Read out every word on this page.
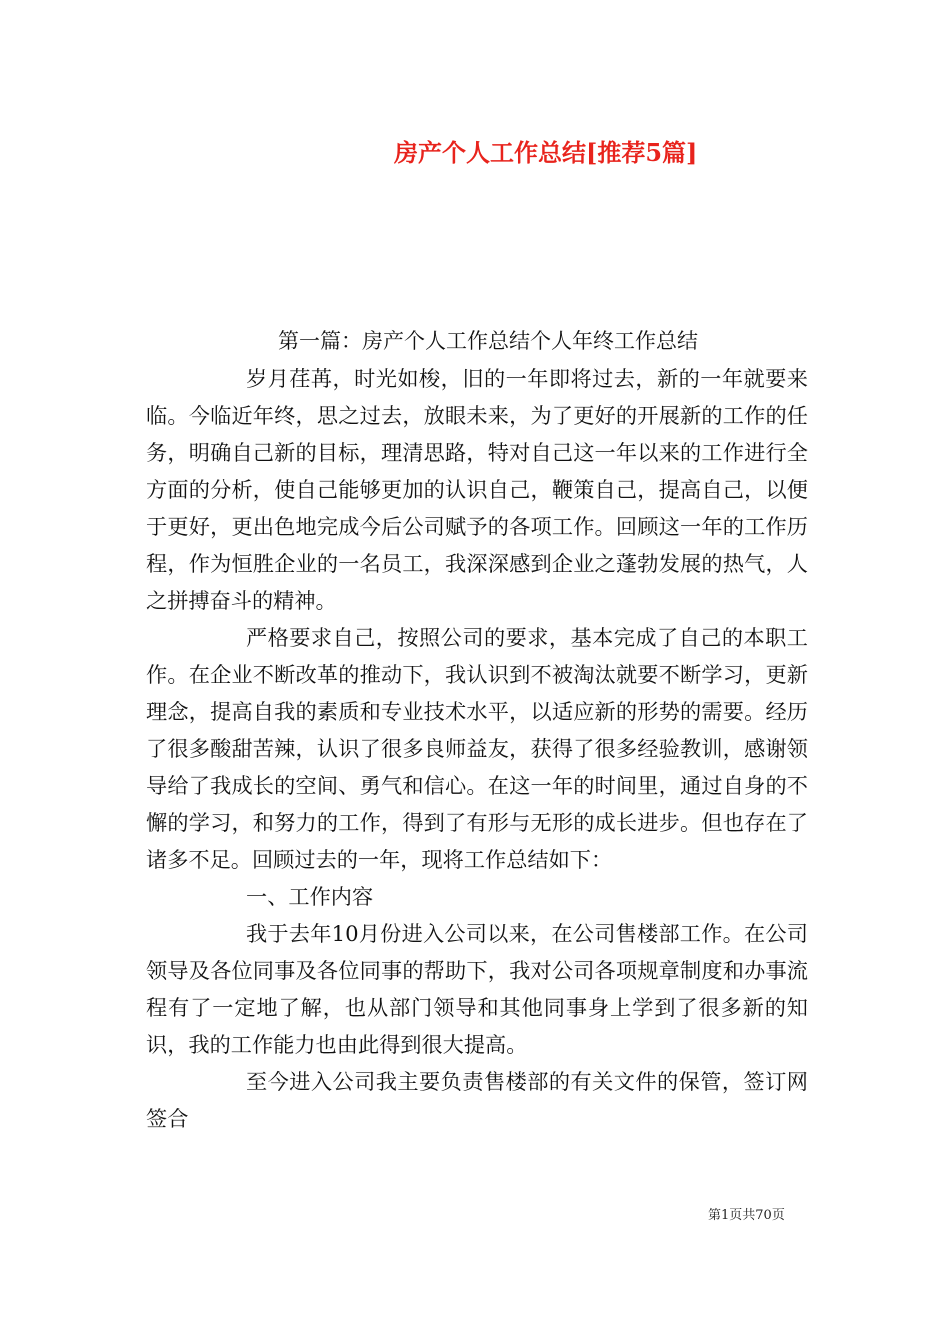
房产个人工作总结[推荐5篇]
第一篇：房产个人工作总结个人年终工作总结

岁月荏苒，时光如梭，旧的一年即将过去，新的一年就要来临。今临近年终，思之过去，放眼未来，为了更好的开展新的工作的任务，明确自己新的目标，理清思路，特对自己这一年以来的工作进行全方面的分析，使自己能够更加的认识自己，鞭策自己，提高自己，以便于更好，更出色地完成今后公司赋予的各项工作。回顾这一年的工作历程，作为恒胜企业的一名员工，我深深感到企业之蓬勃发展的热气，人之拼搏奋斗的精神。

严格要求自己，按照公司的要求，基本完成了自己的本职工作。在企业不断改革的推动下，我认识到不被淘汰就要不断学习，更新理念，提高自我的素质和专业技术水平，以适应新的形势的需要。经历了很多酸甜苦辣，认识了很多良师益友，获得了很多经验教训，感谢领导给了我成长的空间、勇气和信心。在这一年的时间里，通过自身的不懈的学习，和努力的工作，得到了有形与无形的成长进步。但也存在了诸多不足。回顾过去的一年，现将工作总结如下：

一、工作内容

我于去年10月份进入公司以来，在公司售楼部工作。在公司领导及各位同事及各位同事的帮助下，我对公司各项规章制度和办事流程有了一定地了解，也从部门领导和其他同事身上学到了很多新的知识，我的工作能力也由此得到很大提高。

至今进入公司我主要负责售楼部的有关文件的保管，签订网签合

第1页共70页
